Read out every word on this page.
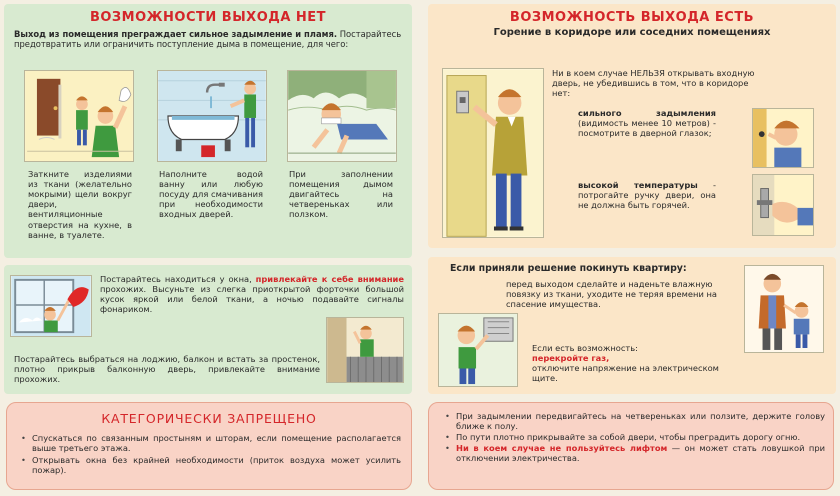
ВОЗМОЖНОСТИ ВЫХОДА НЕТ
Выход из помещения преграждает сильное задымление и пламя. Постарайтесь предотвратить или ограничить поступление дыма в помещение, для чего:
Заткните изделиями из ткани (желательно мокрыми) щели вокруг двери, вентиляционные отверстия на кухне, в ванне, в туалете.
Наполните водой ванну или любую посуду для смачивания при необходимости входных дверей.
При заполнении помещения дымом двигайтесь на четвереньках или ползком.
Постарайтесь находиться у окна, привлекайте к себе внимание прохожих. Высуньте из слегка приоткрытой форточки большой кусок яркой или белой ткани, а ночью подавайте сигналы фонариком.
Постарайтесь выбраться на лоджию, балкон и встать за простенок, плотно прикрыв балконную дверь, привлекайте внимание прохожих.
КАТЕГОРИЧЕСКИ ЗАПРЕЩЕНО
• Спускаться по связанным простыням и шторам, если помещение располагается выше третьего этажа.
• Открывать окна без крайней необходимости (приток воздуха может усилить пожар).
ВОЗМОЖНОСТЬ ВЫХОДА ЕСТЬ
Горение в коридоре или соседних помещениях
Ни в коем случае НЕЛЬЗЯ открывать входную дверь, не убедившись в том, что в коридоре нет:
сильного задымления (видимость менее 10 метров) - посмотрите в дверной глазок;
высокой температуры - потрогайте ручку двери, она не должна быть горячей.
Если приняли решение покинуть квартиру:
перед выходом сделайте и наденьте влажную повязку из ткани, уходите не теряя времени на спасение имущества.
Если есть возможность:
перекройте газ,
отключите напряжение на электрическом щите.
• При задымлении передвигайтесь на четвереньках или ползите, держите голову ближе к полу.
• По пути плотно прикрывайте за собой двери, чтобы преградить дорогу огню.
• Ни в коем случае не пользуйтесь лифтом — он может стать ловушкой при отключении электричества.
